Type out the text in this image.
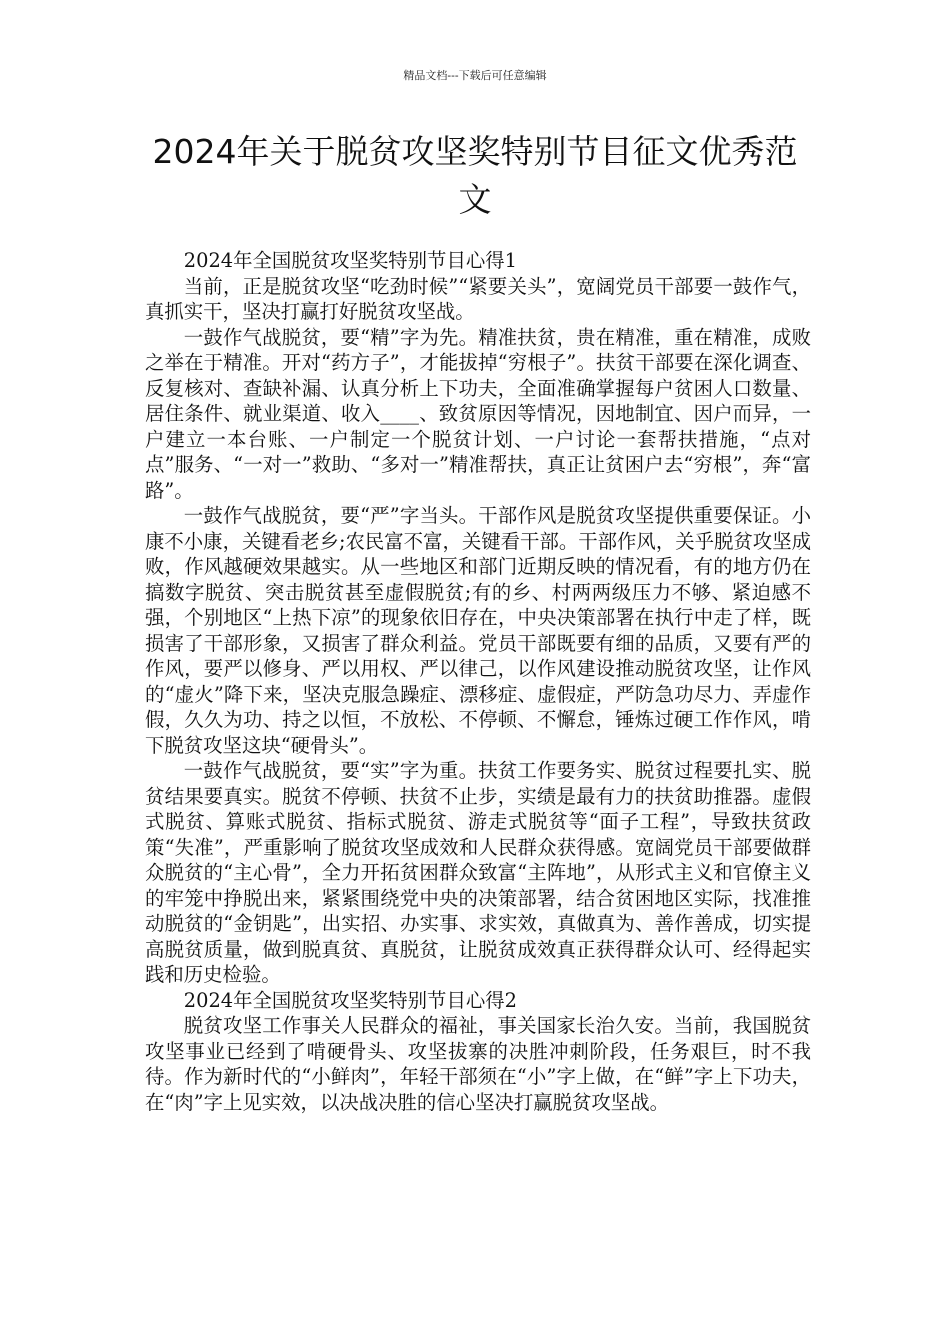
精品文档---下载后可任意编辑
2024年关于脱贫攻坚奖特别节目征文优秀范文

2024年全国脱贫攻坚奖特别节目心得1

当前，正是脱贫攻坚“吃劲时候”“紧要关头”，宽阔党员干部要一鼓作气，真抓实干，坚决打赢打好脱贫攻坚战。

一鼓作气战脱贫，要“精”字为先。精准扶贫，贵在精准，重在精准，成败之举在于精准。开对“药方子”，才能拔掉“穷根子”。扶贫干部要在深化调查、反复核对、查缺补漏、认真分析上下功夫，全面准确掌握每户贫困人口数量、居住条件、就业渠道、收入____、致贫原因等情况，因地制宜、因户而异，一户建立一本台账、一户制定一个脱贫计划、一户讨论一套帮扶措施，“点对点”服务、“一对一”救助、“多对一”精准帮扶，真正让贫困户去“穷根”，奔“富路”。

一鼓作气战脱贫，要“严”字当头。干部作风是脱贫攻坚提供重要保证。小康不小康，关键看老乡;农民富不富，关键看干部。干部作风，关乎脱贫攻坚成败，作风越硬效果越实。从一些地区和部门近期反映的情况看，有的地方仍在搞数字脱贫、突击脱贫甚至虚假脱贫;有的乡、村两两级压力不够、紧迫感不强，个别地区“上热下凉”的现象依旧存在，中央决策部署在执行中走了样，既损害了干部形象，又损害了群众利益。党员干部既要有细的品质，又要有严的作风，要严以修身、严以用权、严以律己，以作风建设推动脱贫攻坚，让作风的“虚火”降下来，坚决克服急躁症、漂移症、虚假症，严防急功尽力、弄虚作假，久久为功、持之以恒，不放松、不停顿、不懈怠，锤炼过硬工作作风，啃下脱贫攻坚这块“硬骨头”。

一鼓作气战脱贫，要“实”字为重。扶贫工作要务实、脱贫过程要扎实、脱贫结果要真实。脱贫不停顿、扶贫不止步，实绩是最有力的扶贫助推器。虚假式脱贫、算账式脱贫、指标式脱贫、游走式脱贫等“面子工程”，导致扶贫政策“失准”，严重影响了脱贫攻坚成效和人民群众获得感。宽阔党员干部要做群众脱贫的“主心骨”，全力开拓贫困群众致富“主阵地”，从形式主义和官僚主义的牢笼中挣脱出来，紧紧围绕党中央的决策部署，结合贫困地区实际，找准推动脱贫的“金钥匙”，出实招、办实事、求实效，真做真为、善作善成，切实提高脱贫质量，做到脱真贫、真脱贫，让脱贫成效真正获得群众认可、经得起实践和历史检验。

2024年全国脱贫攻坚奖特别节目心得2

脱贫攻坚工作事关人民群众的福祉，事关国家长治久安。当前，我国脱贫攻坚事业已经到了啃硬骨头、攻坚拔寨的决胜冲刺阶段，任务艰巨，时不我待。作为新时代的“小鲜肉”，年轻干部须在“小”字上做，在“鲜”字上下功夫，在“肉”字上见实效，以决战决胜的信心坚决打赢脱贫攻坚战。
